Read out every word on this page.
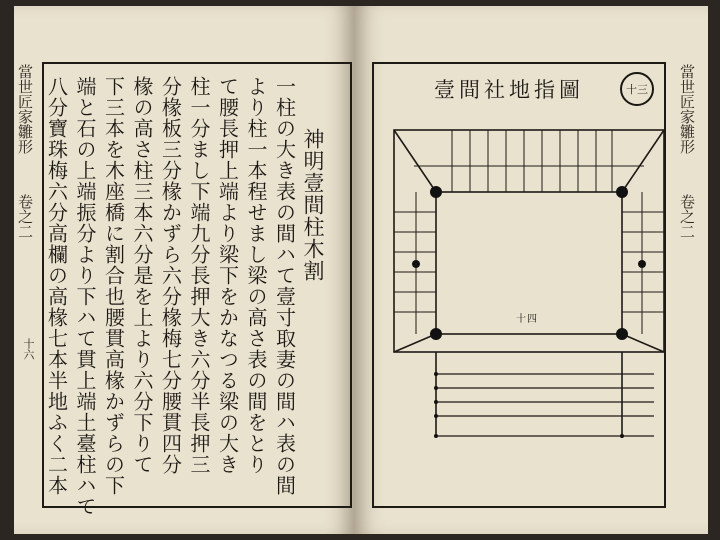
當世匠家雛形
卷之二
十六
神明壹間柱木割
一柱の大き表の間ハて壹寸取妻の間ハ表の間
より柱一本程せまし梁の高さ表の間をとり
て腰長押上端より梁下をかなつる梁の大き
柱一分まし下端九分長押大き六分半長押三
分椽板三分椽かずら六分椽梅七分腰貫四分
椽の高さ柱三本六分是を上より六分下りて
下三本を木座橋に割合也腰貫高椽かずらの下
端と石の上端振分より下ハて貫上端土臺柱ハて
八分寶珠梅六分高欄の高椽七本半地ふく二本	壹間社地指圖	十三 當世匠家雛形
卷之二
十四
